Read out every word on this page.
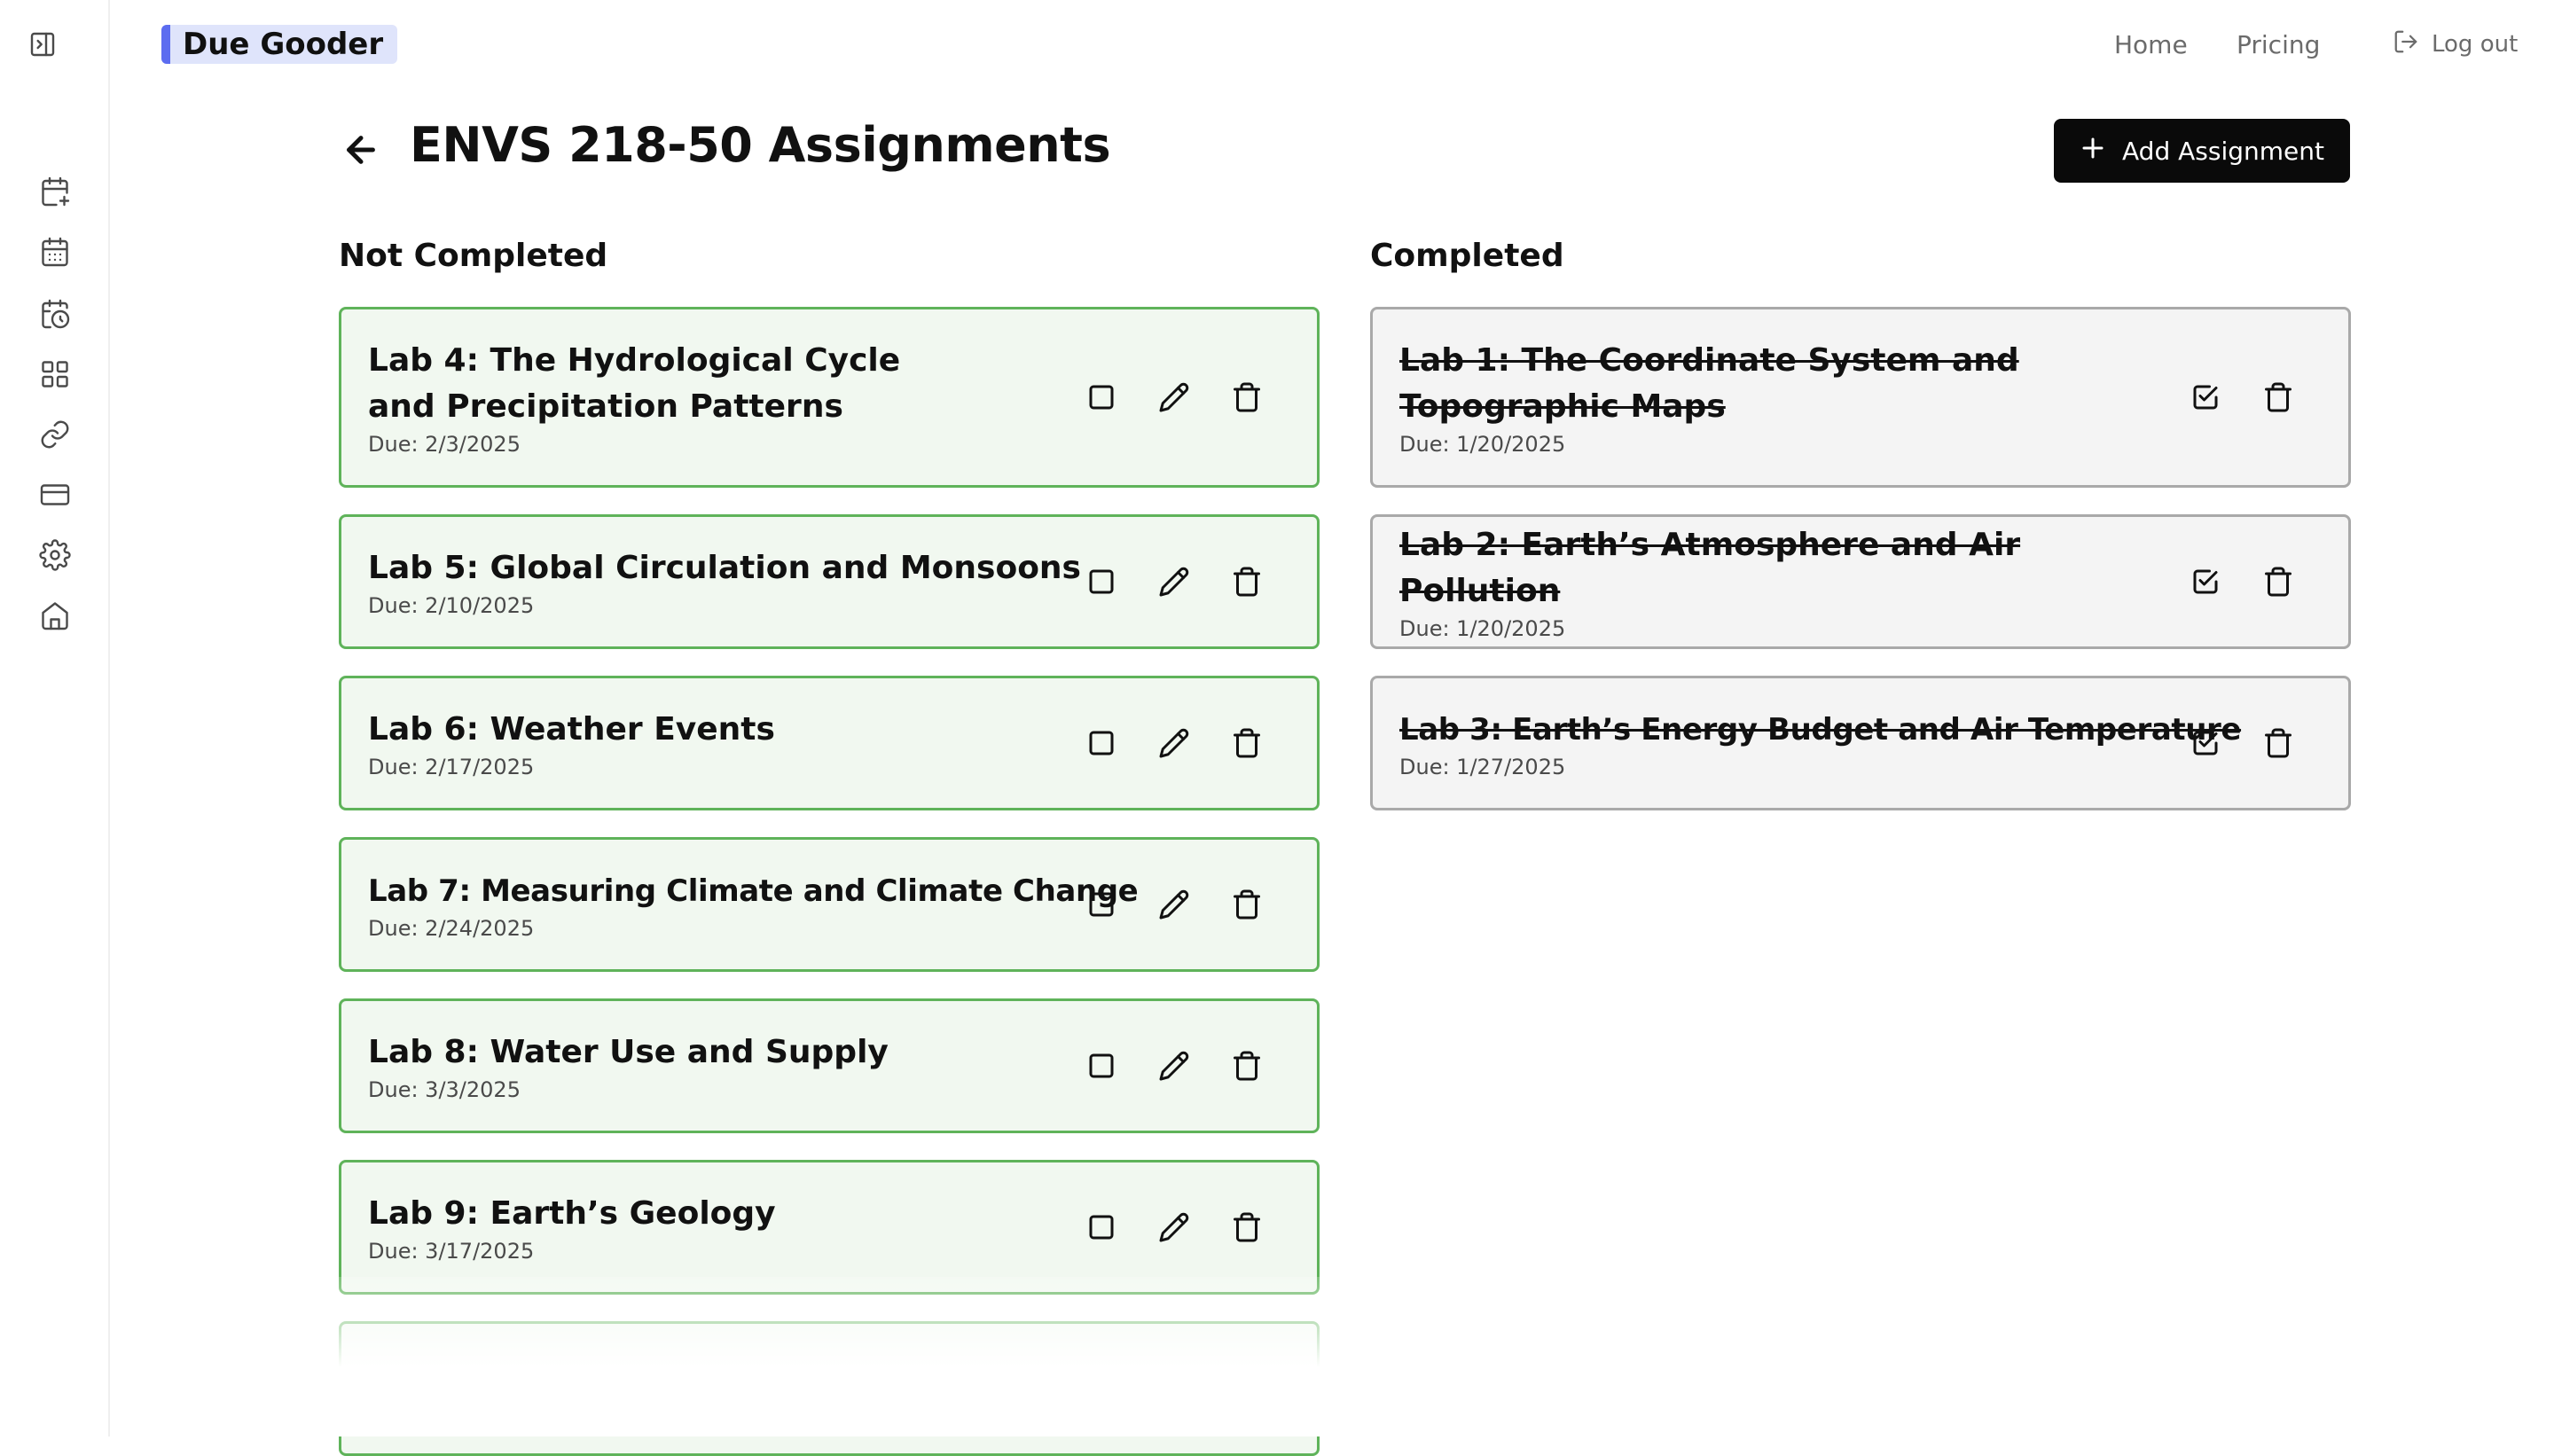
Due Gooder	Home Pricing	Log out
ENVS 218-50 Assignments	Add Assignment
Not Completed	Completed
Lab 4: The Hydrological Cycle and Precipitation Patterns
Due: 2/3/2025
Lab 5: Global Circulation and Monsoons
Due: 2/10/2025
Lab 6: Weather Events
Due: 2/17/2025
Lab 7: Measuring Climate and Climate Change
Due: 2/24/2025
Lab 8: Water Use and Supply
Due: 3/3/2025
Lab 9: Earth’s Geology
Due: 3/17/2025
Lab 1: The Coordinate System and Topographic Maps
Due: 1/20/2025
Lab 2: Earth’s Atmosphere and Air Pollution
Due: 1/20/2025
Lab 3: Earth’s Energy Budget and Air Temperature
Due: 1/27/2025
